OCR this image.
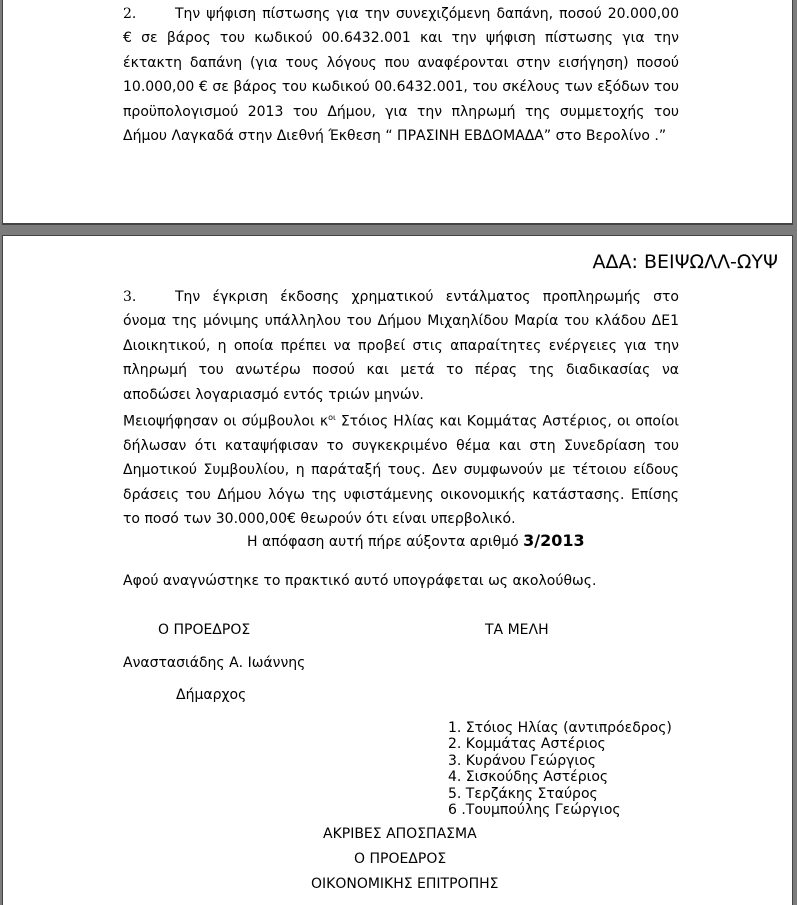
2.	Την ψήφιση πίστωσης για την συνεχιζόμενη δαπάνη, ποσού 20.000,00 € σε βάρος του κωδικού 00.6432.001 και την ψήφιση πίστωσης για την έκτακτη δαπάνη (για τους λόγους που αναφέρονται στην εισήγηση) ποσού 10.000,00 € σε βάρος του κωδικού 00.6432.001, του σκέλους των εξόδων του προϋπολογισμού 2013 του Δήμου, για την πληρωμή της συμμετοχής του Δήμου Λαγκαδά στην Διεθνή Έκθεση “ ΠΡΑΣΙΝΗ ΕΒΔΟΜΑΔΑ” στο Βερολίνο .”
ΑΔΑ: ΒΕΙΨΩΛΛ-ΩΥΨ
3.	Την έγκριση έκδοσης χρηματικού εντάλματος προπληρωμής στο όνομα της μόνιμης υπάλληλου του Δήμου Μιχαηλίδου Μαρία του κλάδου ΔΕ1 Διοικητικού, η οποία πρέπει να προβεί στις απαραίτητες ενέργειες για την πληρωμή του ανωτέρω ποσού και μετά το πέρας της διαδικασίας να αποδώσει λογαριασμό εντός τριών μηνών.
Μειοψήφησαν οι σύμβουλοι $\kappa^{o\iota}$ Στόιος Ηλίας και Κομμάτας Αστέριος, οι οποίοι δήλωσαν ότι καταψήφισαν το συγκεκριμένο θέμα και στη Συνεδρίαση του Δημοτικού Συμβουλίου, η παράταξή τους. Δεν συμφωνούν με τέτοιου είδους δράσεις του Δήμου λόγω της υφιστάμενης οικονομικής κατάστασης. Επίσης το ποσό των 30.000,00€ θεωρούν ότι είναι υπερβολικό.
Η απόφαση αυτή πήρε αύξοντα αριθμό 3/2013
Αφού αναγνώστηκε το πρακτικό αυτό υπογράφεται ως ακολούθως.
Ο ΠΡΟΕΔΡΟΣ	ΤΑ ΜΕΛΗ
Αναστασιάδης Α. Ιωάννης
Δήμαρχος
1. Στόιος Ηλίας (αντιπρόεδρος)
2. Κομμάτας Αστέριος
3. Κυράνου Γεώργιος
4. Σισκούδης Αστέριος
5. Τερζάκης Σταύρος
6 .Τουμπούλης Γεώργιος
ΑΚΡΙΒΕΣ ΑΠΟΣΠΑΣΜΑ
Ο ΠΡΟΕΔΡΟΣ
ΟΙΚΟΝΟΜΙΚΗΣ ΕΠΙΤΡΟΠΗΣ
